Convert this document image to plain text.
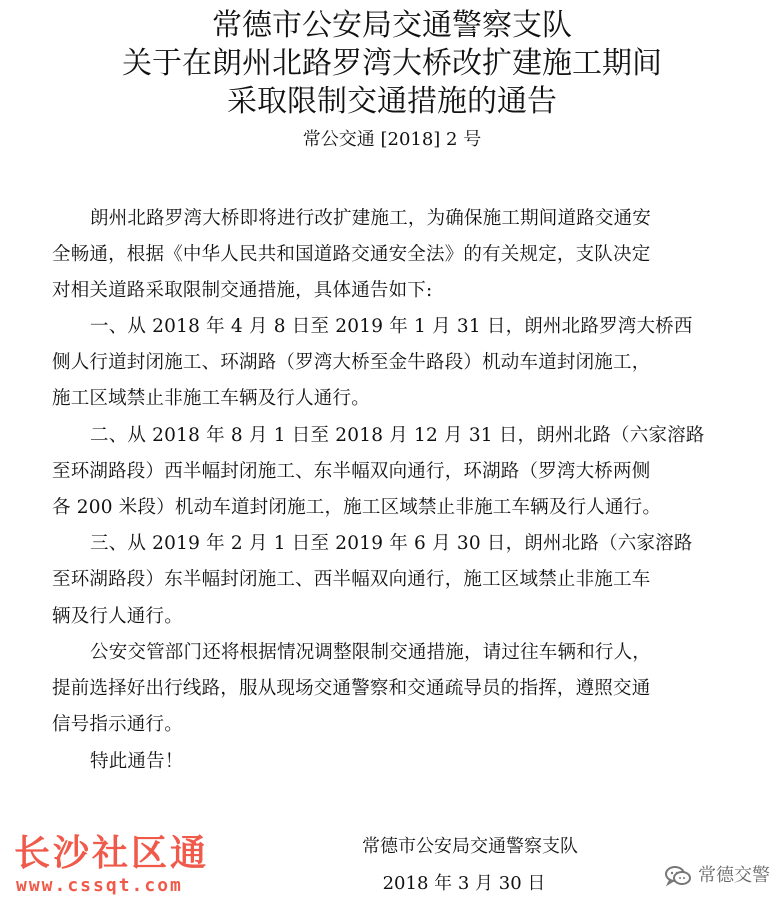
常德市公安局交通警察支队
关于在朗州北路罗湾大桥改扩建施工期间
采取限制交通措施的通告
常公交通 [2018] 2 号
朗州北路罗湾大桥即将进行改扩建施工，为确保施工期间道路交通安
全畅通，根据《中华人民共和国道路交通安全法》的有关规定，支队决定
对相关道路采取限制交通措施，具体通告如下:
一、从 2018 年 4 月 8 日至 2019 年 1 月 31 日，朗州北路罗湾大桥西
侧人行道封闭施工、环湖路（罗湾大桥至金牛路段）机动车道封闭施工，
施工区域禁止非施工车辆及行人通行。
二、从 2018 年 8 月 1 日至 2018 月 12 月 31 日，朗州北路（六家溶路
至环湖路段）西半幅封闭施工、东半幅双向通行，环湖路（罗湾大桥两侧
各 200 米段）机动车道封闭施工，施工区域禁止非施工车辆及行人通行。
三、从 2019 年 2 月 1 日至 2019 年 6 月 30 日，朗州北路（六家溶路
至环湖路段）东半幅封闭施工、西半幅双向通行，施工区域禁止非施工车
辆及行人通行。
公安交管部门还将根据情况调整限制交通措施，请过往车辆和行人，
提前选择好出行线路，服从现场交通警察和交通疏导员的指挥，遵照交通
信号指示通行。
特此通告！
常德市公安局交通警察支队
2018 年 3 月 30 日
长沙社区通
www.cssqt.com	常德交警
